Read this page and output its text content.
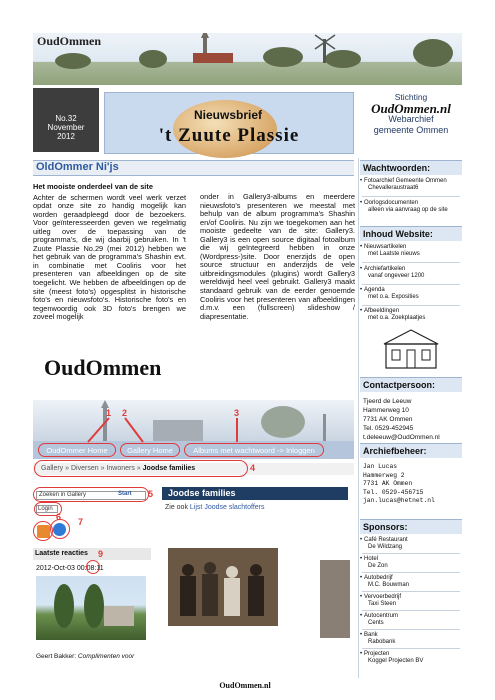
OudOmmen
No.32
November
2012
Nieuwsbrief
't Zuute Plassie
Stichting
OudOmmen.nl
Webarchief
gemeente Ommen
OldOmmer Ni'js
Het mooiste onderdeel van de site
Achter de schermen wordt veel werk verzet opdat onze site zo handig mogelijk kan worden geraadpleegd door de bezoekers. Voor geïnteresseerden geven we regelmatig uitleg over de toepassing van de programma's, die wij daarbij gebruiken. In 't Zuute Plassie No.29 (mei 2012) hebben we het gebruik van de programma's Shashin evt. in combinatie met Cooliris voor het presenteren van afbeeldingen op de site toegelicht. We hebben de afbeeldingen op de site (meest foto's) opgesplitst in historische foto's en nieuwsfoto's. Historische foto's en tegenwoordig ook 3D foto's brengen we zoveel mogelijk
onder in Gallery3-albums en meerdere nieuwsfoto's presenteren we meestal met behulp van de album programma's Shashin en/of Cooliris. Nu zijn we toegekomen aan het mooiste gedeelte van de site: Gallery3. Gallery3 is een open source digitaal fotoalbum die wij geïntegreerd hebben in onze (Wordpress-)site. Door enerzijds de open source structuur en anderzijds de vele uitbreidingsmodules (plugins) wordt Gallery3 wereldwijd heel veel gebruikt. Gallery3 maakt standaard gebruik van de eerder genoemde Cooliris voor het presenteren van afbeeldingen d.m.v. een (fullscreen) slideshow / diapresentatie.
OudOmmen
OudOmmer Home	Gallery Home	Albums met wachtwoord -> Inloggen
1 2	3
Gallery » Diversen » Inwoners » Joodse families	4
Zoeken in Gallery	Start 5
Login
6 7
Joodse families
Zie ook Lijst Joodse slachtoffers
Laatste reacties	9
2012-Oct-03 00:08:11
Geert Bakker: Complimenten voor
Wachtwoorden:
• Fotoarchief Gemeente Ommen
Chevalleraustraat6
• Oorlogsdocumenten
alleen via aanvraag op de site
Inhoud Website:
• Nieuwsartikelen
met Laatste nieuws
• Archiefartikelen
vanaf ongeveer 1200
• Agenda
met o.a. Exposities
• Afbeeldingen
met o.a. Zoekplaatjes
Contactpersoon:
Tjeerd de Leeuw
Hammerweg 10
7731 AK Ommen
Tel. 0529-452945
t.deleeuw@OudOmmen.nl
Archiefbeheer:
Jan Lucas
Hammerweg 2
7731 AK Ommen
Tel. 0529-456715
jan.lucas@hetnet.nl
Sponsors:
• Café Restaurant
De Wildzang
• Hotel
De Zon
• Autobedrijf
M.C. Bouwman
• Vervoerbedrijf
Taxi Steen
• Autocentrum
Cents
• Bank
Rabobank
• Projecten
Koggel Projecten BV
OudOmmen.nl
